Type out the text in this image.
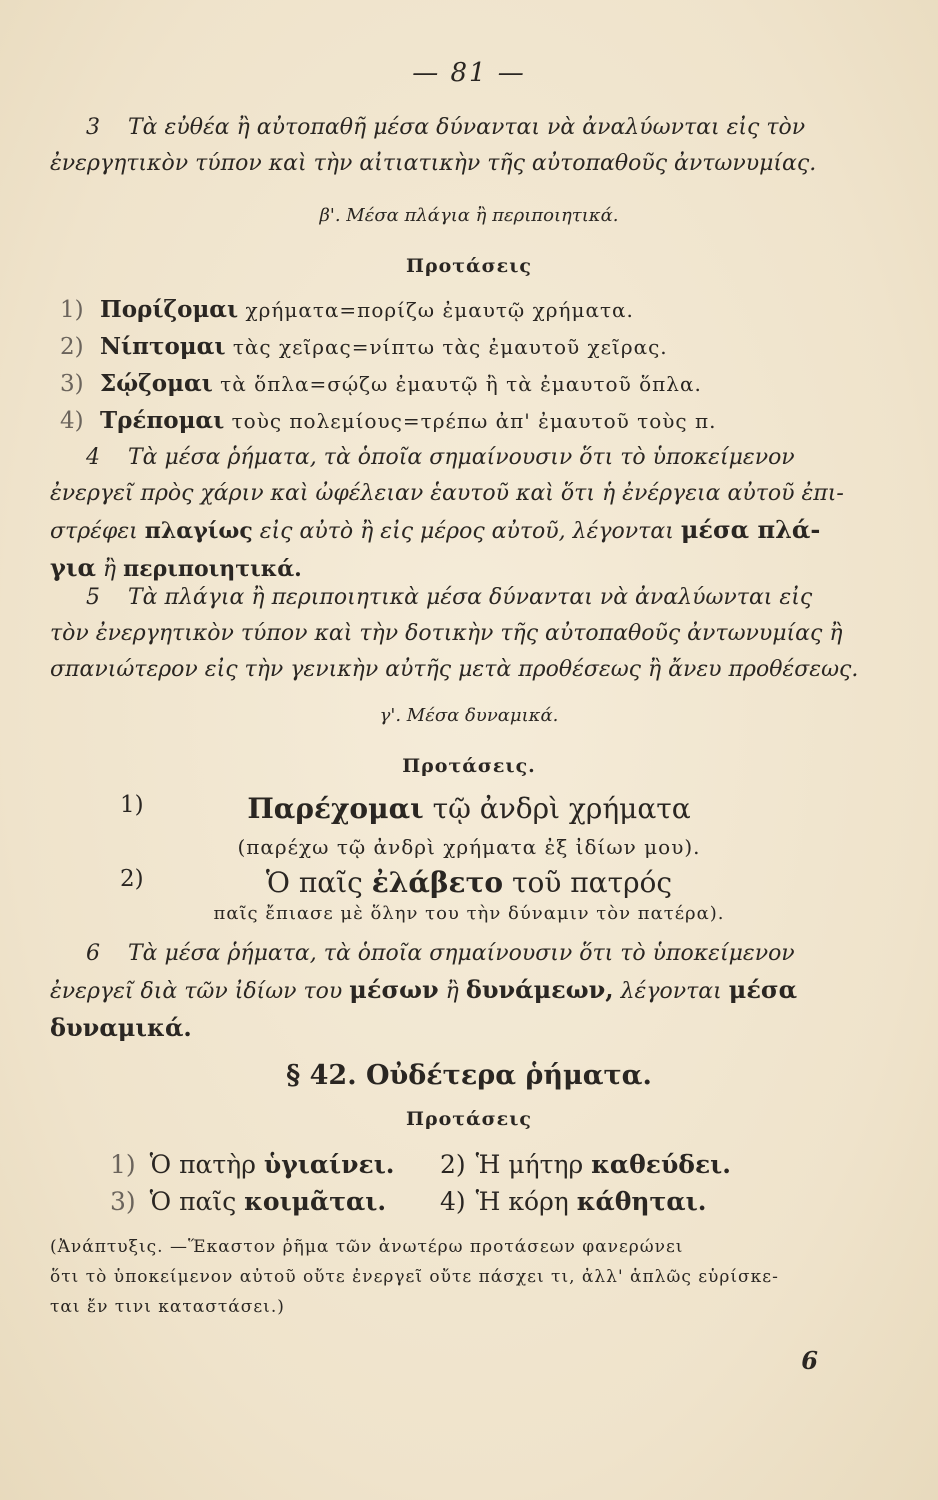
— 81 —
3 Τὰ εὐθέα ἢ αὐτοπαθῆ μέσα δύνανται νὰ ἀναλύωνται εἰς τὸν
ἐνεργητικὸν τύπον καὶ τὴν αἰτιατικὴν τῆς αὐτοπαθοῦς ἀντωνυμίας.
β'. Μέσα πλάγια ἢ περιποιητικά.
Προτάσεις
1) Πορίζομαι χρήματα=πορίζω ἐμαυτῷ χρήματα.
2) Νίπτομαι τὰς χεῖρας=νίπτω τὰς ἐμαυτοῦ χεῖρας.
3) Σῴζομαι τὰ ὅπλα=σῴζω ἐμαυτῷ ἢ τὰ ἐμαυτοῦ ὅπλα.
4) Τρέπομαι τοὺς πολεμίους=τρέπω ἀπ' ἐμαυτοῦ τοὺς π.
4 Τὰ μέσα ῥήματα, τὰ ὁποῖα σημαίνουσιν ὅτι τὸ ὑποκείμενον
ἐνεργεῖ πρὸς χάριν καὶ ὠφέλειαν ἑαυτοῦ καὶ ὅτι ἡ ἐνέργεια αὐτοῦ ἐπι-
στρέφει πλαγίως εἰς αὐτὸ ἢ εἰς μέρος αὐτοῦ, λέγονται μέσα πλά-
για ἢ περιποιητικά.
5 Τὰ πλάγια ἢ περιποιητικὰ μέσα δύνανται νὰ ἀναλύωνται εἰς
τὸν ἐνεργητικὸν τύπον καὶ τὴν δοτικὴν τῆς αὐτοπαθοῦς ἀντωνυμίας ἢ
σπανιώτερον εἰς τὴν γενικὴν αὐτῆς μετὰ προθέσεως ἢ ἄνευ προθέσεως.
γ'. Μέσα δυναμικά.
Προτάσεις.
1)	Παρέχομαι τῷ ἀνδρὶ χρήματα
(παρέχω τῷ ἀνδρὶ χρήματα ἐξ ἰδίων μου).
2)	Ὁ παῖς ἐλάβετο τοῦ πατρός
παῖς ἔπιασε μὲ ὅλην του τὴν δύναμιν τὸν πατέρα).
6 Τὰ μέσα ῥήματα, τὰ ὁποῖα σημαίνουσιν ὅτι τὸ ὑποκείμενον
ἐνεργεῖ διὰ τῶν ἰδίων του μέσων ἢ δυνάμεων, λέγονται μέσα
δυναμικά.
§ 42. Οὐδέτερα ῥήματα.
Προτάσεις
1) Ὁ πατὴρ ὑγιαίνει. 2) Ἡ μήτηρ καθεύδει.
3) Ὁ παῖς κοιμᾶται. 4) Ἡ κόρη κάθηται.
(Ἀνάπτυξις. —Ἕκαστον ῥῆμα τῶν ἀνωτέρω προτάσεων φανερώνει
ὅτι τὸ ὑποκείμενον αὐτοῦ οὔτε ἐνεργεῖ οὔτε πάσχει τι, ἀλλ' ἁπλῶς εὑρίσκε-
ται ἔν τινι καταστάσει.)
6
